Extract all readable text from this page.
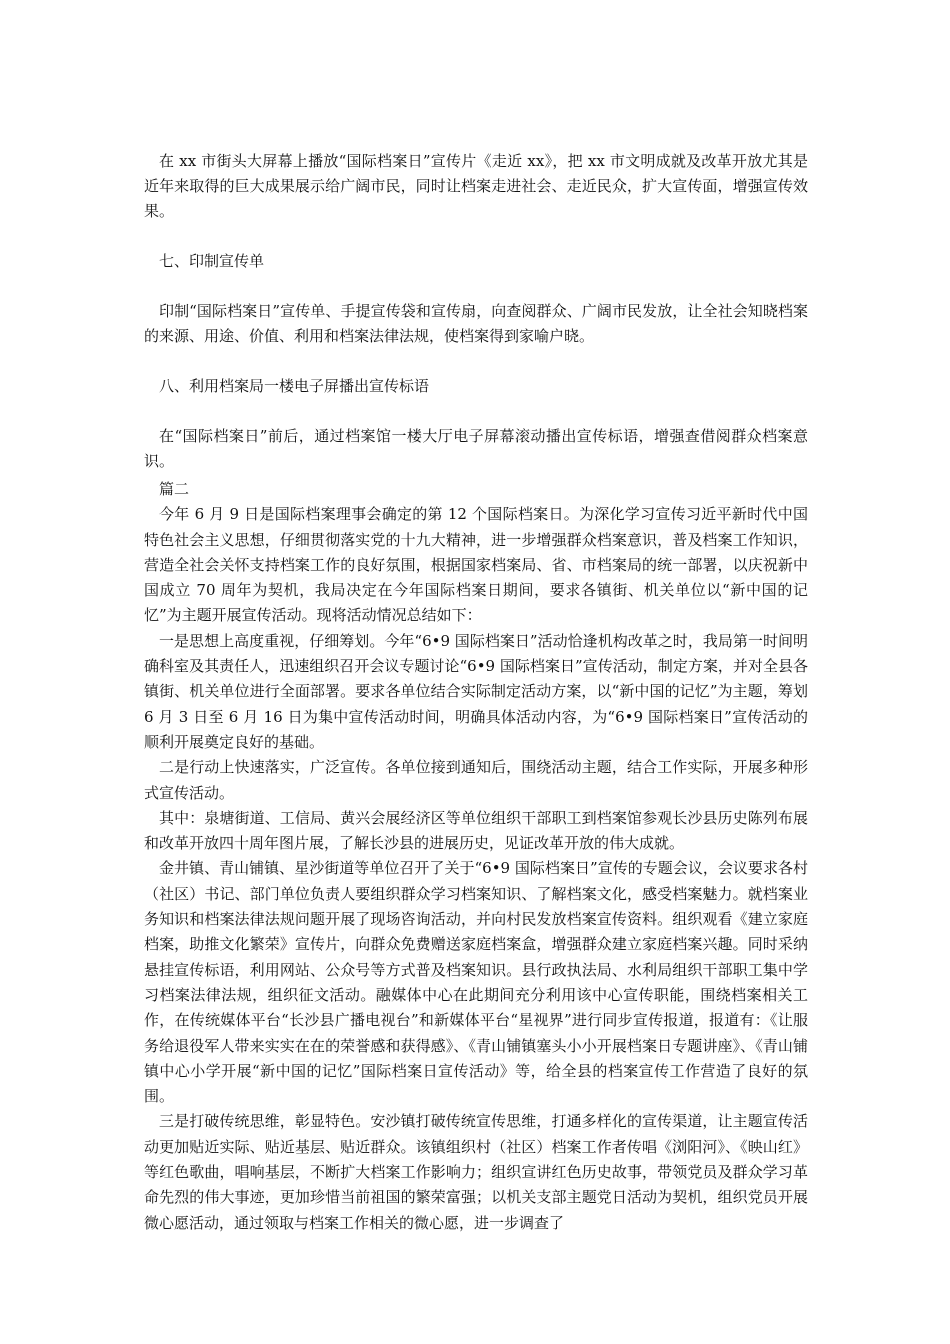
在 xx 市街头大屏幕上播放“国际档案日”宣传片《走近 xx》，把 xx 市文明成就及改革开放尤其是近年来取得的巨大成果展示给广阔市民，同时让档案走进社会、走近民众，扩大宣传面，增强宣传效果。

七、印制宣传单

印制“国际档案日”宣传单、手提宣传袋和宣传扇，向查阅群众、广阔市民发放，让全社会知晓档案的来源、用途、价值、利用和档案法律法规，使档案得到家喻户晓。

八、利用档案局一楼电子屏播出宣传标语

在“国际档案日”前后，通过档案馆一楼大厅电子屏幕滚动播出宣传标语，增强查借阅群众档案意识。

篇二

今年 6 月 9 日是国际档案理事会确定的第 12 个国际档案日。为深化学习宣传习近平新时代中国特色社会主义思想，仔细贯彻落实党的十九大精神，进一步增强群众档案意识，普及档案工作知识，营造全社会关怀支持档案工作的良好氛围，根据国家档案局、省、市档案局的统一部署，以庆祝新中国成立 70 周年为契机，我局决定在今年国际档案日期间，要求各镇街、机关单位以“新中国的记忆”为主题开展宣传活动。现将活动情况总结如下：

一是思想上高度重视，仔细筹划。今年“6•9 国际档案日”活动恰逢机构改革之时，我局第一时间明确科室及其责任人，迅速组织召开会议专题讨论“6•9 国际档案日”宣传活动，制定方案，并对全县各镇街、机关单位进行全面部署。要求各单位结合实际制定活动方案，以“新中国的记忆”为主题，筹划 6 月 3 日至 6 月 16 日为集中宣传活动时间，明确具体活动内容，为“6•9 国际档案日”宣传活动的顺利开展奠定良好的基础。

二是行动上快速落实，广泛宣传。各单位接到通知后，围绕活动主题，结合工作实际，开展多种形式宣传活动。

其中：泉塘街道、工信局、黄兴会展经济区等单位组织干部职工到档案馆参观长沙县历史陈列布展和改革开放四十周年图片展，了解长沙县的进展历史，见证改革开放的伟大成就。

金井镇、青山铺镇、星沙街道等单位召开了关于“6•9 国际档案日”宣传的专题会议，会议要求各村（社区）书记、部门单位负责人要组织群众学习档案知识、了解档案文化，感受档案魅力。就档案业务知识和档案法律法规问题开展了现场咨询活动，并向村民发放档案宣传资料。组织观看《建立家庭档案，助推文化繁荣》宣传片，向群众免费赠送家庭档案盒，增强群众建立家庭档案兴趣。同时采纳悬挂宣传标语，利用网站、公众号等方式普及档案知识。县行政执法局、水利局组织干部职工集中学习档案法律法规，组织征文活动。融媒体中心在此期间充分利用该中心宣传职能，围绕档案相关工作，在传统媒体平台“长沙县广播电视台”和新媒体平台“星视界”进行同步宣传报道，报道有：《让服务给退役军人带来实实在在的荣誉感和获得感》、《青山铺镇塞头小小开展档案日专题讲座》、《青山铺镇中心小学开展“新中国的记忆”国际档案日宣传活动》等，给全县的档案宣传工作营造了良好的氛围。

三是打破传统思维，彰显特色。安沙镇打破传统宣传思维，打通多样化的宣传渠道，让主题宣传活动更加贴近实际、贴近基层、贴近群众。该镇组织村（社区）档案工作者传唱《浏阳河》、《映山红》等红色歌曲，唱响基层，不断扩大档案工作影响力；组织宣讲红色历史故事，带领党员及群众学习革命先烈的伟大事迹，更加珍惜当前祖国的繁荣富强；以机关支部主题党日活动为契机，组织党员开展微心愿活动，通过领取与档案工作相关的微心愿，进一步调查了
